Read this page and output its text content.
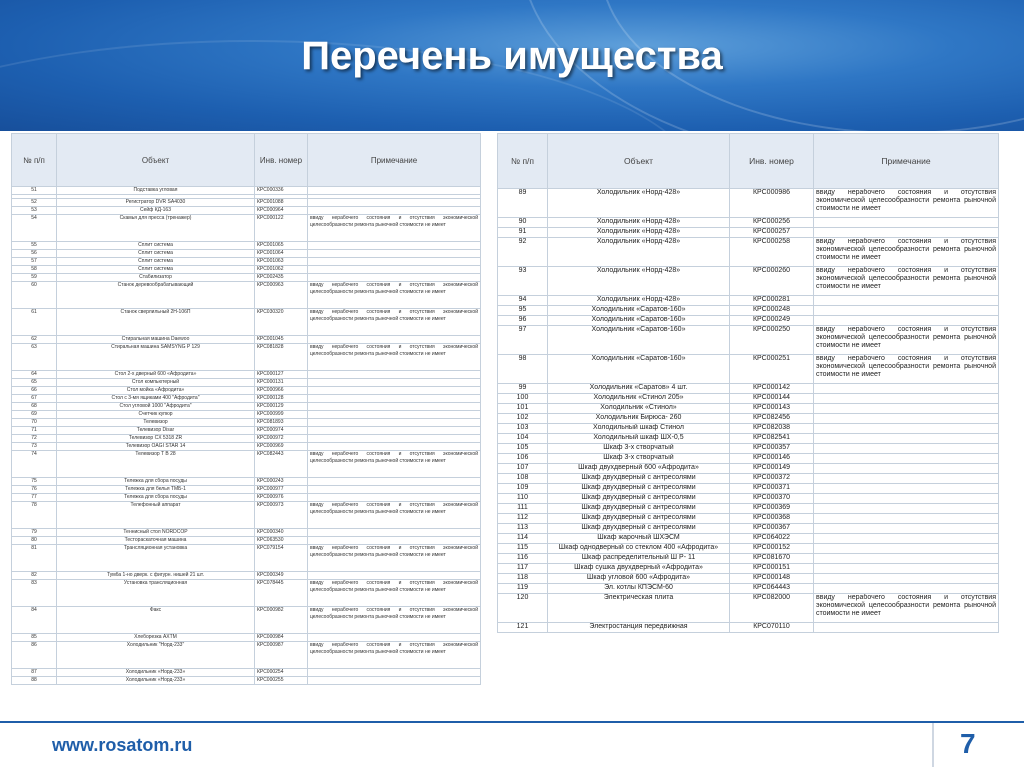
Перечень имущества
№ п/п	Объект	Инв. номер	Примечание
51	Подставка угловая	КРС000336	

52	Регистратор DVR SA4030	КРС001088	
53	Сейф КД-163	КРС000964	
54	Скамья для пресса (тренажер)	КРС000122	ввиду нерабочего состояния и отсутствия экономической целесообразности ремонта рыночной стоимости не имеет
55	Сплит система	КРС001065	
56	Сплит система	КРС001064	
57	Сплит система	КРС001063	
58	Сплит система	КРС001062	
59	Стабилизатор	КРС002435	
60	Станок деревообрабатывающий	КРС000963	ввиду нерабочего состояния и отсутствия экономической целесообразности ремонта рыночной стоимости не имеет
61	Станок сверлильный 2Н-106П	КРС030320	ввиду нерабочего состояния и отсутствия экономической целесообразности ремонта рыночной стоимости не имеет
62	Стиральная машина Daewoo	КРС001045	
63	Стиральная машина SAMSYNG P 129	КРС081828	ввиду нерабочего состояния и отсутствия экономической целесообразности ремонта рыночной стоимости не имеет
64	Стол 2-х дверный 600 «Афродита»	КРС000127	
65	Стол компьютерный	КРС000131	
66	Стол мойка «Афродита»	КРС000966	
67	Стол с 3-мя ящиками 400 "Афродита"	КРС000128	
68	Стол угловой 1000 "Афродита"	КРС000129	
69	Счетчик купюр	КРС000999	
70	Телевизор	КРС081893	
71	Телевизор Disar	КРС000974	
72	Телевизор CX 5318 ZR	КРС000972	
73	Телевизор OAGI STAR 14	КРС000969	
74	Телевизор T B 28	КРС082443	ввиду нерабочего состояния и отсутствия экономической целесообразности ремонта рыночной стоимости не имеет
75	Тележка для сбора посуды	КРС000243	
76	Тележка для белья ТМБ-1	КРС000977	
77	Тележка для сбора посуды	КРС000976	
78	Телефонный аппарат	КРС000973	ввиду нерабочего состояния и отсутствия экономической целесообразности ремонта рыночной стоимости не имеет
79	Теннисный стол NORDCOP	КРС000340	
80	Тестораскаточная машина	КРС063530	
81	Трансляционная установка	КРС079154	ввиду нерабочего состояния и отсутствия экономической целесообразности ремонта рыночной стоимости не имеет
82	Тумба 1-но дверк. с фигурн. нишей 21 шт.	КРС000349	
83	Установка трансляционная	КРС078445	ввиду нерабочего состояния и отсутствия экономической целесообразности ремонта рыночной стоимости не имеет
84	Факс	КРС000982	ввиду нерабочего состояния и отсутствия экономической целесообразности ремонта рыночной стоимости не имеет
85	Хлеборезка АХТМ	КРС000984	
86	Холодильник "Норд-233"	КРС000987	ввиду нерабочего состояния и отсутствия экономической целесообразности ремонта рыночной стоимости не имеет
87	Холодильник «Норд-233»	КРС000254	
88	Холодильник «Норд-233»	КРС000255	
№ п/п	Объект	Инв. номер	Примечание
89	Холодильник «Норд-428»	КРС000986	ввиду нерабочего состояния и отсутствия экономической целесообразности ремонта рыночной стоимости не имеет
90	Холодильник «Норд-428»	КРС000256	
91	Холодильник «Норд-428»	КРС000257	
92	Холодильник «Норд-428»	КРС000258	ввиду нерабочего состояния и отсутствия экономической целесообразности ремонта рыночной стоимости не имеет
93	Холодильник «Норд-428»	КРС000260	ввиду нерабочего состояния и отсутствия экономической целесообразности ремонта рыночной стоимости не имеет
94	Холодильник «Норд-428»	КРС000281	
95	Холодильник «Саратов-160»	КРС000248	
96	Холодильник «Саратов-160»	КРС000249	
97	Холодильник «Саратов-160»	КРС000250	ввиду нерабочего состояния и отсутствия экономической целесообразности ремонта рыночной стоимости не имеет
98	Холодильник «Саратов-160»	КРС000251	ввиду нерабочего состояния и отсутствия экономической целесообразности ремонта рыночной стоимости не имеет
99	Холодильник «Саратов» 4 шт.	КРС000142	
100	Холодильник «Стинол 205»	КРС000144	
101	Холодильник «Стинол»	КРС000143	
102	Холодильник Бирюса- 260	КРС082456	
103	Холодильный шкаф Стинол	КРС082038	
104	Холодильный шкаф ШХ-0,5	КРС082541	
105	Шкаф 3-х створчатый	КРС000357	
106	Шкаф 3-х створчатый	КРС000146	
107	Шкаф двухдверный 600 «Афродита»	КРС000149	
108	Шкаф двухдверный с антресолями	КРС000372	
109	Шкаф двухдверный с антресолями	КРС000371	
110	Шкаф двухдверный с антресолями	КРС000370	
111	Шкаф двухдверный с антресолями	КРС000369	
112	Шкаф двухдверный с антресолями	КРС000368	
113	Шкаф двухдверный с антресолями	КРС000367	
114	Шкаф жарочный ШХЭСМ	КРС064022	
115	Шкаф однодверный со стеклом 400 «Афродита»	КРС000152	
116	Шкаф распределительный Ш Р- 11	КРС081670	
117	Шкаф сушка двухдверный «Афродита»	КРС000151	
118	Шкаф угловой 600 «Афродита»	КРС000148	
119	Эл. котлы КПЭСМ-60	КРС064443	
120	Электрическая плита	КРС082000	ввиду нерабочего состояния и отсутствия экономической целесообразности ремонта рыночной стоимости не имеет
121	Электростанция передвижная	КРС070110	
www.rosatom.ru	7
